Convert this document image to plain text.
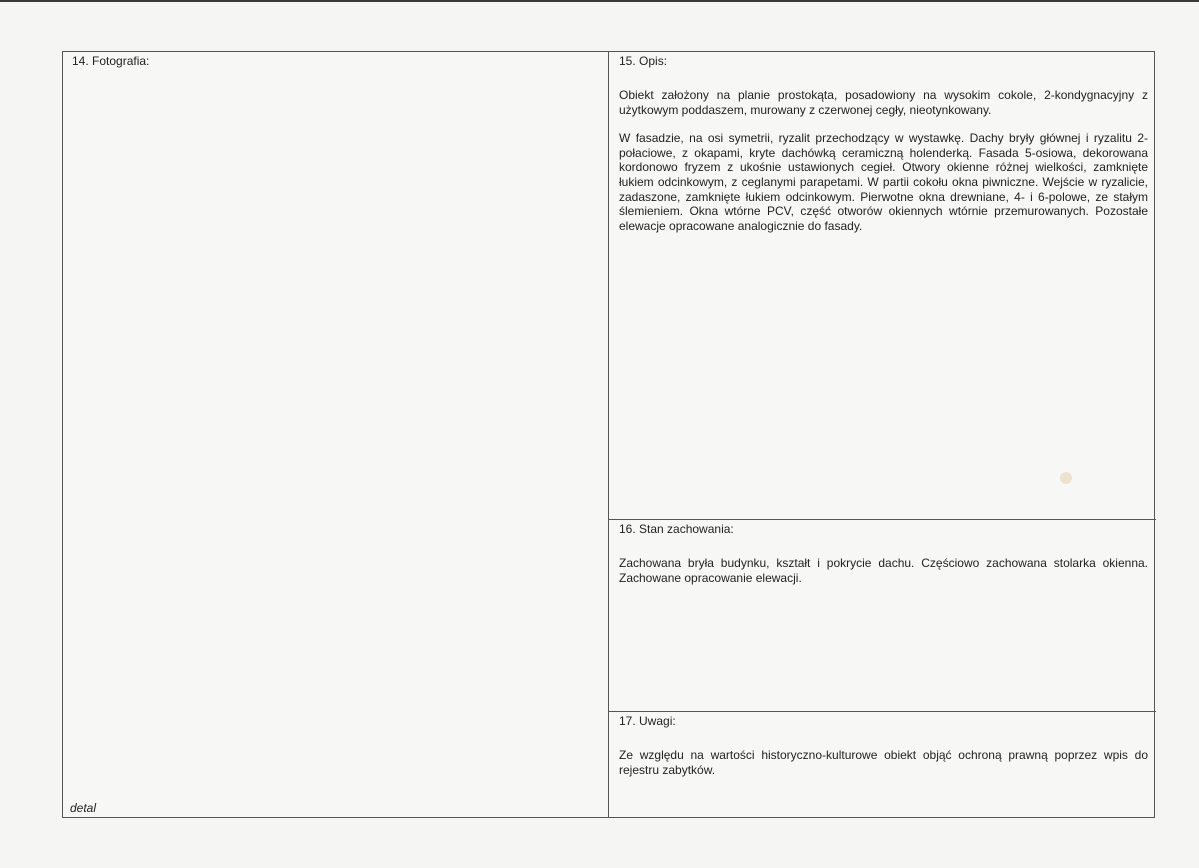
14. Fotografia:
detal
15. Opis:
Obiekt założony na planie prostokąta, posadowiony na wysokim cokole, 2-kondygnacyjny z użytkowym poddaszem, murowany z czerwonej cegły, nieotynkowany.
W fasadzie, na osi symetrii, ryzalit przechodzący w wystawkę. Dachy bryły głównej i ryzalitu 2-połaciowe, z okapami, kryte dachówką ceramiczną holenderką. Fasada 5-osiowa, dekorowana kordonowo fryzem z ukośnie ustawionych cegieł. Otwory okienne różnej wielkości, zamknięte łukiem odcinkowym, z ceglanymi parapetami. W partii cokołu okna piwniczne. Wejście w ryzalicie, zadaszone, zamknięte łukiem odcinkowym. Pierwotne okna drewniane, 4- i 6-polowe, ze stałym ślemieniem. Okna wtórne PCV, część otworów okiennych wtórnie przemurowanych. Pozostałe elewacje opracowane analogicznie do fasady.
16. Stan zachowania:
Zachowana bryła budynku, kształt i pokrycie dachu. Częściowo zachowana stolarka okienna. Zachowane opracowanie elewacji.
17. Uwagi:
Ze względu na wartości historyczno-kulturowe obiekt objąć ochroną prawną poprzez wpis do rejestru zabytków.
